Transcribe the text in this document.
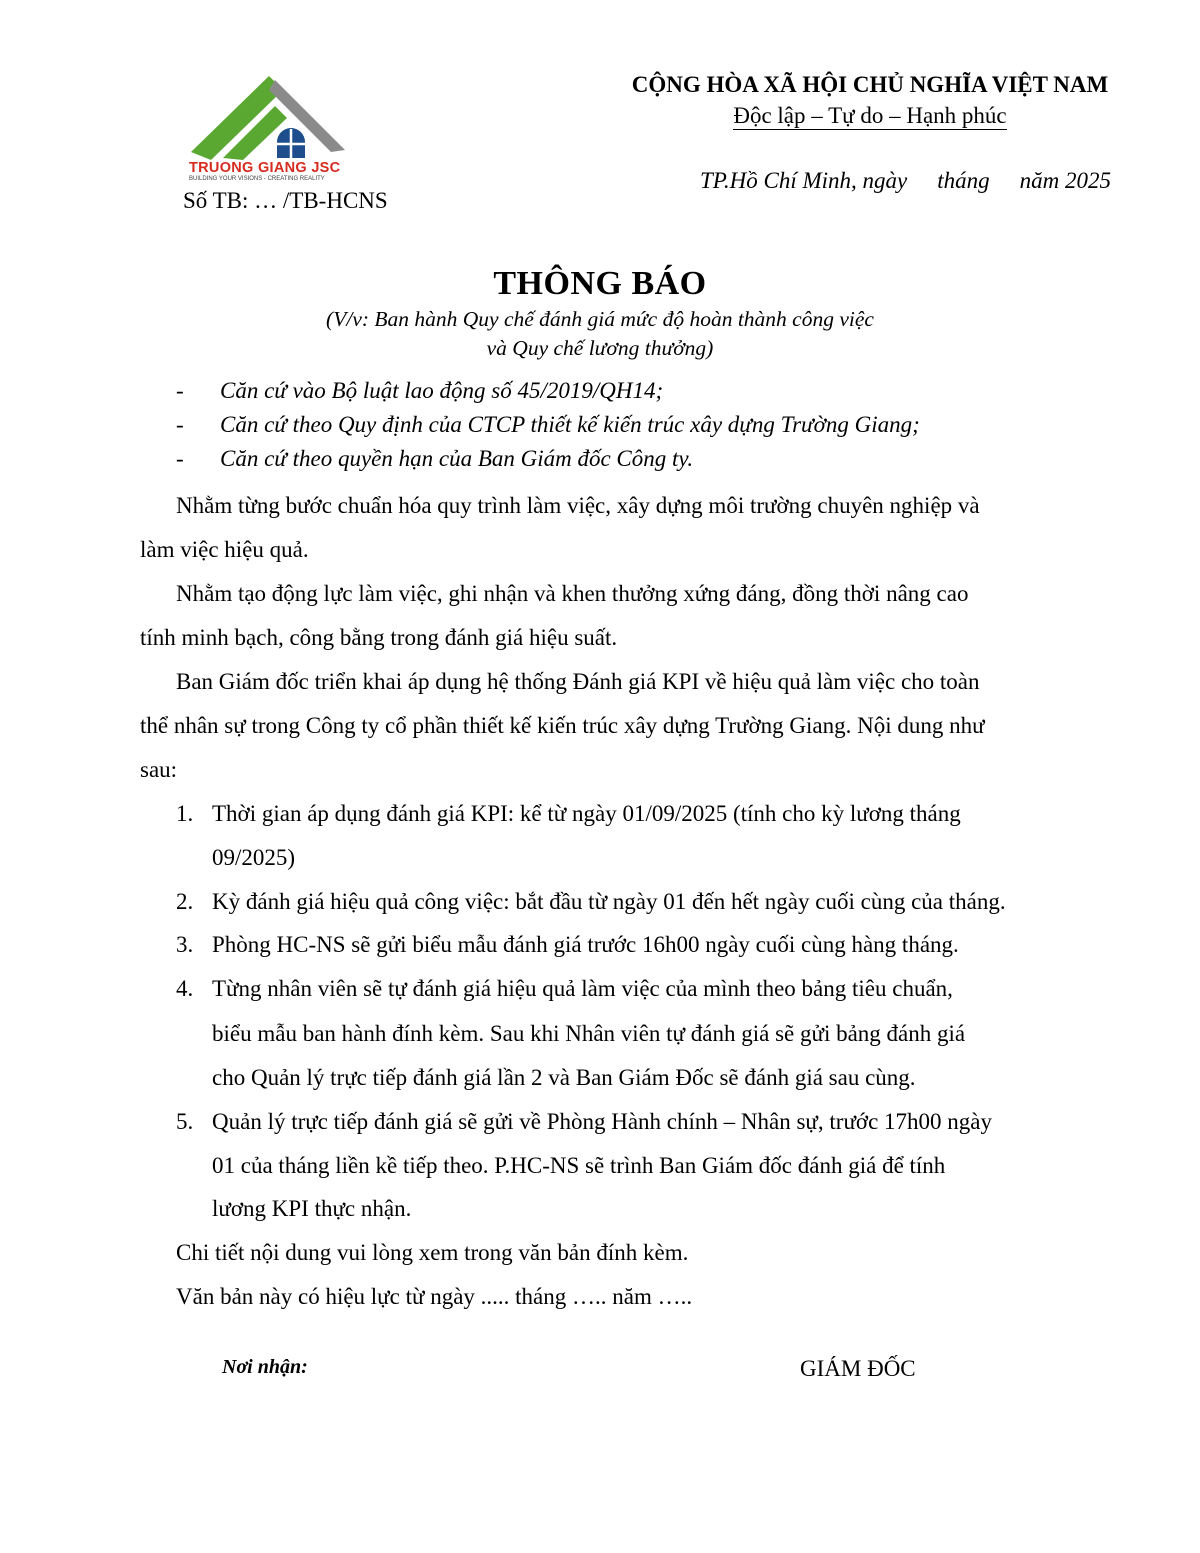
TRUONG GIANG JSC
BUILDING YOUR VISIONS - CREATING REALITY
Số TB: … /TB-HCNS
CỘNG HÒA XÃ HỘI CHỦ NGHĨA VIỆT NAM
Độc lập – Tự do – Hạnh phúc
TP.Hồ Chí Minh, ngày tháng năm 2025
THÔNG BÁO
(V/v: Ban hành Quy chế đánh giá mức độ hoàn thành công việc
và Quy chế lương thưởng)
- Căn cứ vào Bộ luật lao động số 45/2019/QH14;
- Căn cứ theo Quy định của CTCP thiết kế kiến trúc xây dựng Trường Giang;
- Căn cứ theo quyền hạn của Ban Giám đốc Công ty.
Nhằm từng bước chuẩn hóa quy trình làm việc, xây dựng môi trường chuyên nghiệp và
làm việc hiệu quả.
Nhằm tạo động lực làm việc, ghi nhận và khen thưởng xứng đáng, đồng thời nâng cao
tính minh bạch, công bằng trong đánh giá hiệu suất.
Ban Giám đốc triển khai áp dụng hệ thống Đánh giá KPI về hiệu quả làm việc cho toàn
thể nhân sự trong Công ty cổ phần thiết kế kiến trúc xây dựng Trường Giang. Nội dung như
sau:
1. Thời gian áp dụng đánh giá KPI: kể từ ngày 01/09/2025 (tính cho kỳ lương tháng
09/2025)
2. Kỳ đánh giá hiệu quả công việc: bắt đầu từ ngày 01 đến hết ngày cuối cùng của tháng.
3. Phòng HC-NS sẽ gửi biểu mẫu đánh giá trước 16h00 ngày cuối cùng hàng tháng.
4. Từng nhân viên sẽ tự đánh giá hiệu quả làm việc của mình theo bảng tiêu chuẩn,
biểu mẫu ban hành đính kèm. Sau khi Nhân viên tự đánh giá sẽ gửi bảng đánh giá
cho Quản lý trực tiếp đánh giá lần 2 và Ban Giám Đốc sẽ đánh giá sau cùng.
5. Quản lý trực tiếp đánh giá sẽ gửi về Phòng Hành chính – Nhân sự, trước 17h00 ngày
01 của tháng liền kề tiếp theo. P.HC-NS sẽ trình Ban Giám đốc đánh giá để tính
lương KPI thực nhận.
Chi tiết nội dung vui lòng xem trong văn bản đính kèm.
Văn bản này có hiệu lực từ ngày ..... tháng ….. năm …..
Nơi nhận:	GIÁM ĐỐC
